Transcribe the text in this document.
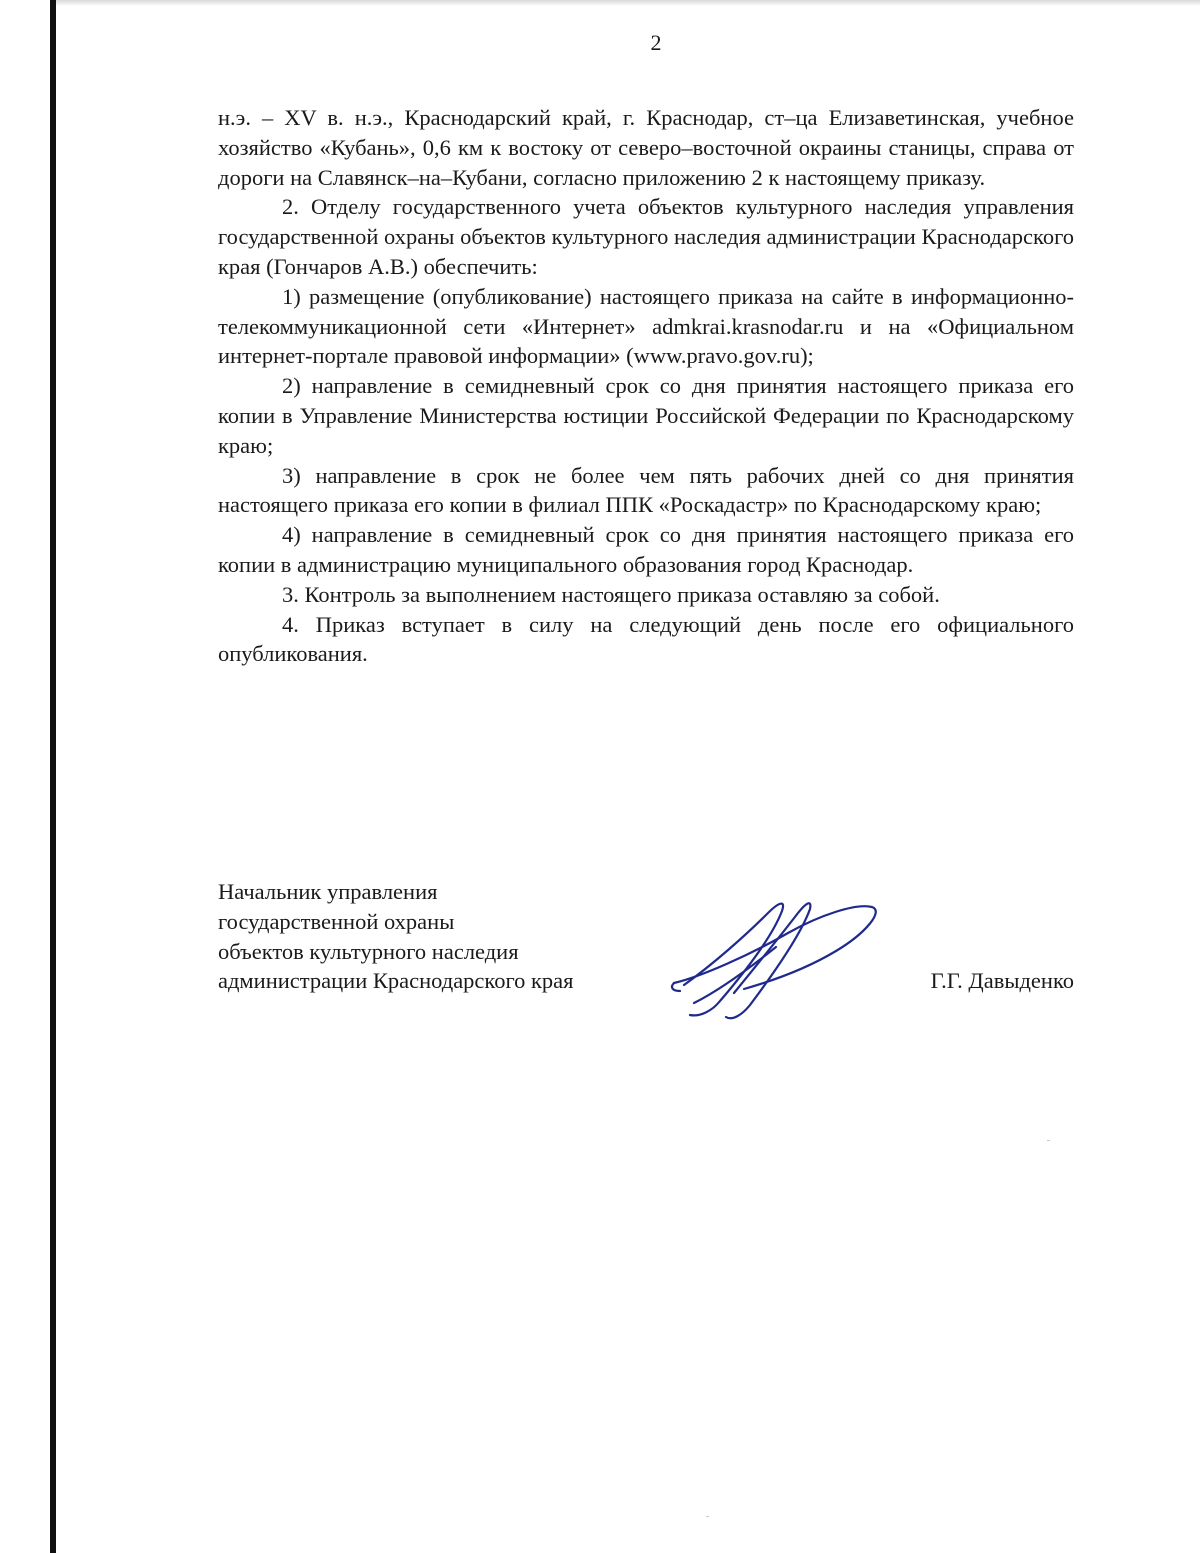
2

н.э. – XV в. н.э., Краснодарский край, г. Краснодар, ст–ца Елизаветинская, учебное хозяйство «Кубань», 0,6 км к востоку от северо–восточной окраины станицы, справа от дороги на Славянск–на–Кубани, согласно приложению 2 к настоящему приказу.

2. Отделу государственного учета объектов культурного наследия управления государственной охраны объектов культурного наследия администрации Краснодарского края (Гончаров А.В.) обеспечить:

1) размещение (опубликование) настоящего приказа на сайте в информационно-телекоммуникационной сети «Интернет» admkrai.krasnodar.ru и на «Официальном интернет-портале правовой информации» (www.pravo.gov.ru);

2) направление в семидневный срок со дня принятия настоящего приказа его копии в Управление Министерства юстиции Российской Федерации по Краснодарскому краю;

3) направление в срок не более чем пять рабочих дней со дня принятия настоящего приказа его копии в филиал ППК «Роскадастр» по Краснодарскому краю;

4) направление в семидневный срок со дня принятия настоящего приказа его копии в администрацию муниципального образования город Краснодар.

3. Контроль за выполнением настоящего приказа оставляю за собой.

4. Приказ вступает в силу на следующий день после его официального опубликования.

Начальник управления
государственной охраны
объектов культурного наследия
администрации Краснодарского края	Г.Г. Давыденко
